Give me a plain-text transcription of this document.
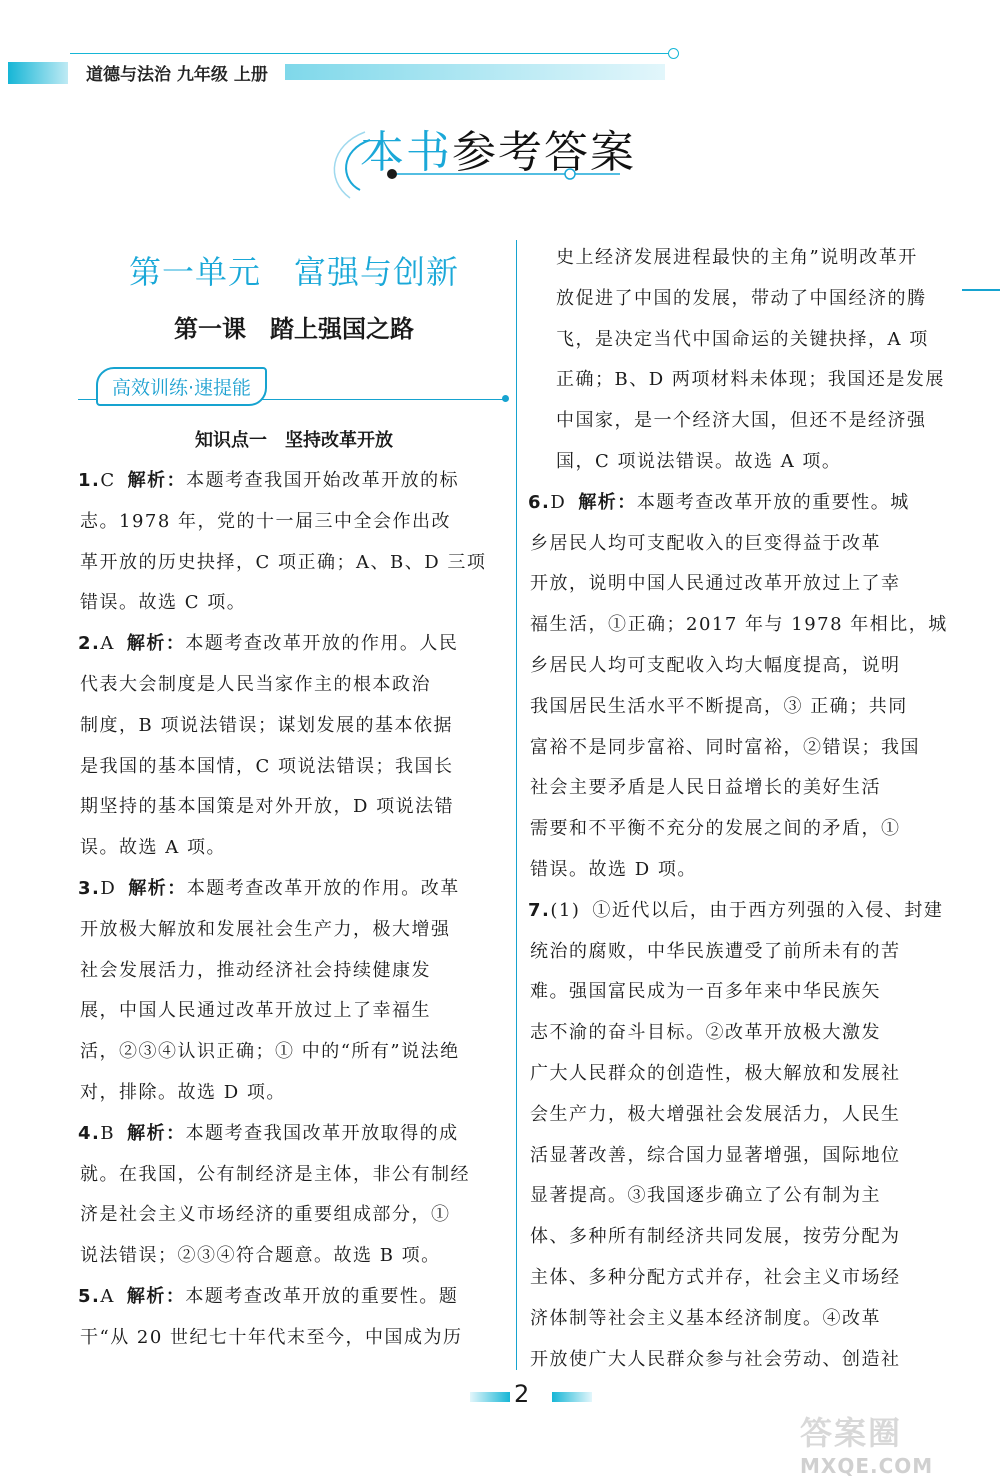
道德与法治 九年级 上册
本书参考答案
第一单元　富强与创新
第一课　踏上强国之路
高效训练·速提能
知识点一　坚持改革开放
1.C 解析：本题考查我国开始改革开放的标
志。1978 年，党的十一届三中全会作出改
革开放的历史抉择，C 项正确；A、B、D 三项
错误。故选 C 项。
2.A 解析：本题考查改革开放的作用。人民
代表大会制度是人民当家作主的根本政治
制度，B 项说法错误；谋划发展的基本依据
是我国的基本国情，C 项说法错误；我国长
期坚持的基本国策是对外开放，D 项说法错
误。故选 A 项。
3.D 解析：本题考查改革开放的作用。改革
开放极大解放和发展社会生产力，极大增强
社会发展活力，推动经济社会持续健康发
展，中国人民通过改革开放过上了幸福生
活，②③④认识正确；① 中的“所有”说法绝
对，排除。故选 D 项。
4.B 解析：本题考查我国改革开放取得的成
就。在我国，公有制经济是主体，非公有制经
济是社会主义市场经济的重要组成部分，①
说法错误；②③④符合题意。故选 B 项。
5.A 解析：本题考查改革开放的重要性。题
干“从 20 世纪七十年代末至今，中国成为历
史上经济发展进程最快的主角”说明改革开
放促进了中国的发展，带动了中国经济的腾
飞，是决定当代中国命运的关键抉择，A 项
正确；B、D 两项材料未体现；我国还是发展
中国家，是一个经济大国，但还不是经济强
国，C 项说法错误。故选 A 项。
6.D 解析：本题考查改革开放的重要性。城
乡居民人均可支配收入的巨变得益于改革
开放，说明中国人民通过改革开放过上了幸
福生活，①正确；2017 年与 1978 年相比，城
乡居民人均可支配收入均大幅度提高，说明
我国居民生活水平不断提高，③ 正确；共同
富裕不是同步富裕、同时富裕，②错误；我国
社会主要矛盾是人民日益增长的美好生活
需要和不平衡不充分的发展之间的矛盾，①
错误。故选 D 项。
7.(1) ①近代以后，由于西方列强的入侵、封建
统治的腐败，中华民族遭受了前所未有的苦
难。强国富民成为一百多年来中华民族矢
志不渝的奋斗目标。②改革开放极大激发
广大人民群众的创造性，极大解放和发展社
会生产力，极大增强社会发展活力，人民生
活显著改善，综合国力显著增强，国际地位
显著提高。③我国逐步确立了公有制为主
体、多种所有制经济共同发展，按劳分配为
主体、多种分配方式并存，社会主义市场经
济体制等社会主义基本经济制度。④改革
开放使广大人民群众参与社会劳动、创造社
2
答案圈
MXQE.COM
